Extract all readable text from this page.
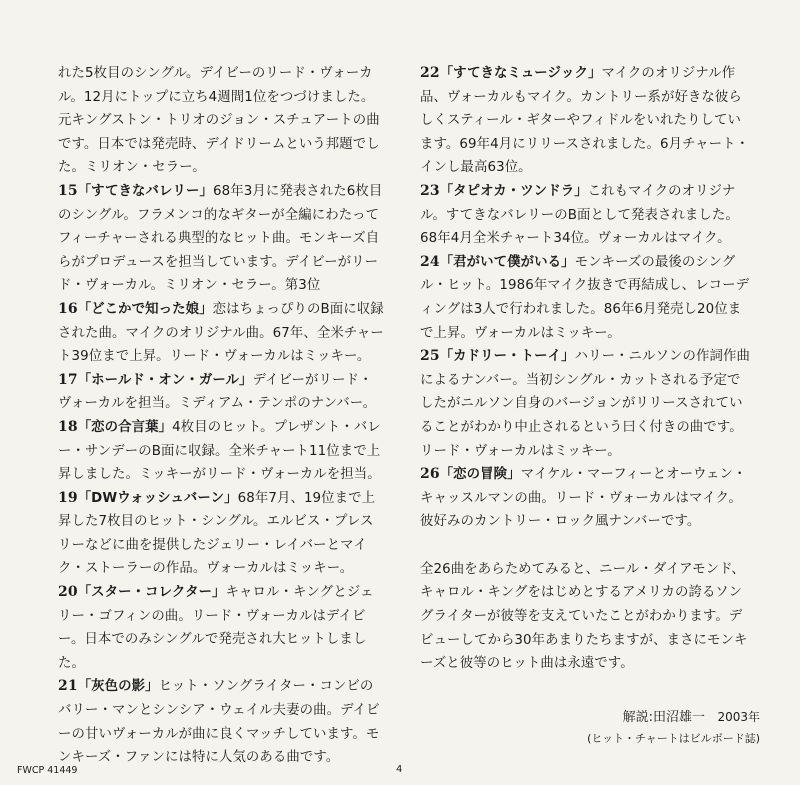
れた5枚目のシングル。デイビーのリード・ヴォーカル。12月にトップに立ち4週間1位をつづけました。元キングストン・トリオのジョン・スチュアートの曲です。日本では発売時、デイドリームという邦題でした。ミリオン・セラー。

15「すてきなバレリー」68年3月に発表された6枚目のシングル。フラメンコ的なギターが全編にわたってフィーチャーされる典型的なヒット曲。モンキーズ自らがプロデュースを担当しています。デイビーがリード・ヴォーカル。ミリオン・セラー。第3位

16「どこかで知った娘」恋はちょっぴりのB面に収録された曲。マイクのオリジナル曲。67年、全米チャート39位まで上昇。リード・ヴォーカルはミッキー。

17「ホールド・オン・ガール」デイビーがリード・ヴォーカルを担当。ミディアム・テンポのナンバー。

18「恋の合言葉」4枚目のヒット。プレザント・バレー・サンデーのB面に収録。全米チャート11位まで上昇しました。ミッキーがリード・ヴォーカルを担当。

19「DWウォッシュバーン」68年7月、19位まで上昇した7枚目のヒット・シングル。エルビス・プレスリーなどに曲を提供したジェリー・レイバーとマイク・ストーラーの作品。ヴォーカルはミッキー。

20「スター・コレクター」キャロル・キングとジェリー・ゴフィンの曲。リード・ヴォーカルはデイビー。日本でのみシングルで発売され大ヒットしました。

21「灰色の影」ヒット・ソングライター・コンビのバリー・マンとシンシア・ウェイル夫妻の曲。デイビーの甘いヴォーカルが曲に良くマッチしています。モンキーズ・ファンには特に人気のある曲です。

22「すてきなミュージック」マイクのオリジナル作品、ヴォーカルもマイク。カントリー系が好きな彼らしくスティール・ギターやフィドルをいれたりしています。69年4月にリリースされました。6月チャート・インし最高63位。

23「タピオカ・ツンドラ」これもマイクのオリジナル。すてきなバレリーのB面として発表されました。68年4月全米チャート34位。ヴォーカルはマイク。

24「君がいて僕がいる」モンキーズの最後のシングル・ヒット。1986年マイク抜きで再結成し、レコーディングは3人で行われました。86年6月発売し20位まで上昇。ヴォーカルはミッキー。

25「カドリー・トーイ」ハリー・ニルソンの作詞作曲によるナンバー。当初シングル・カットされる予定でしたがニルソン自身のバージョンがリリースされていることがわかり中止されるという曰く付きの曲です。リード・ヴォーカルはミッキー。

26「恋の冒険」マイケル・マーフィーとオーウェン・キャッスルマンの曲。リード・ヴォーカルはマイク。彼好みのカントリー・ロック風ナンバーです。

全26曲をあらためてみると、ニール・ダイアモンド、キャロル・キングをはじめとするアメリカの誇るソングライターが彼等を支えていたことがわかります。デビューしてから30年あまりたちますが、まさにモンキーズと彼等のヒット曲は永遠です。

解説:田沼雄一 2003年
(ヒット・チャートはビルボード誌)
FWCP 41449	4
